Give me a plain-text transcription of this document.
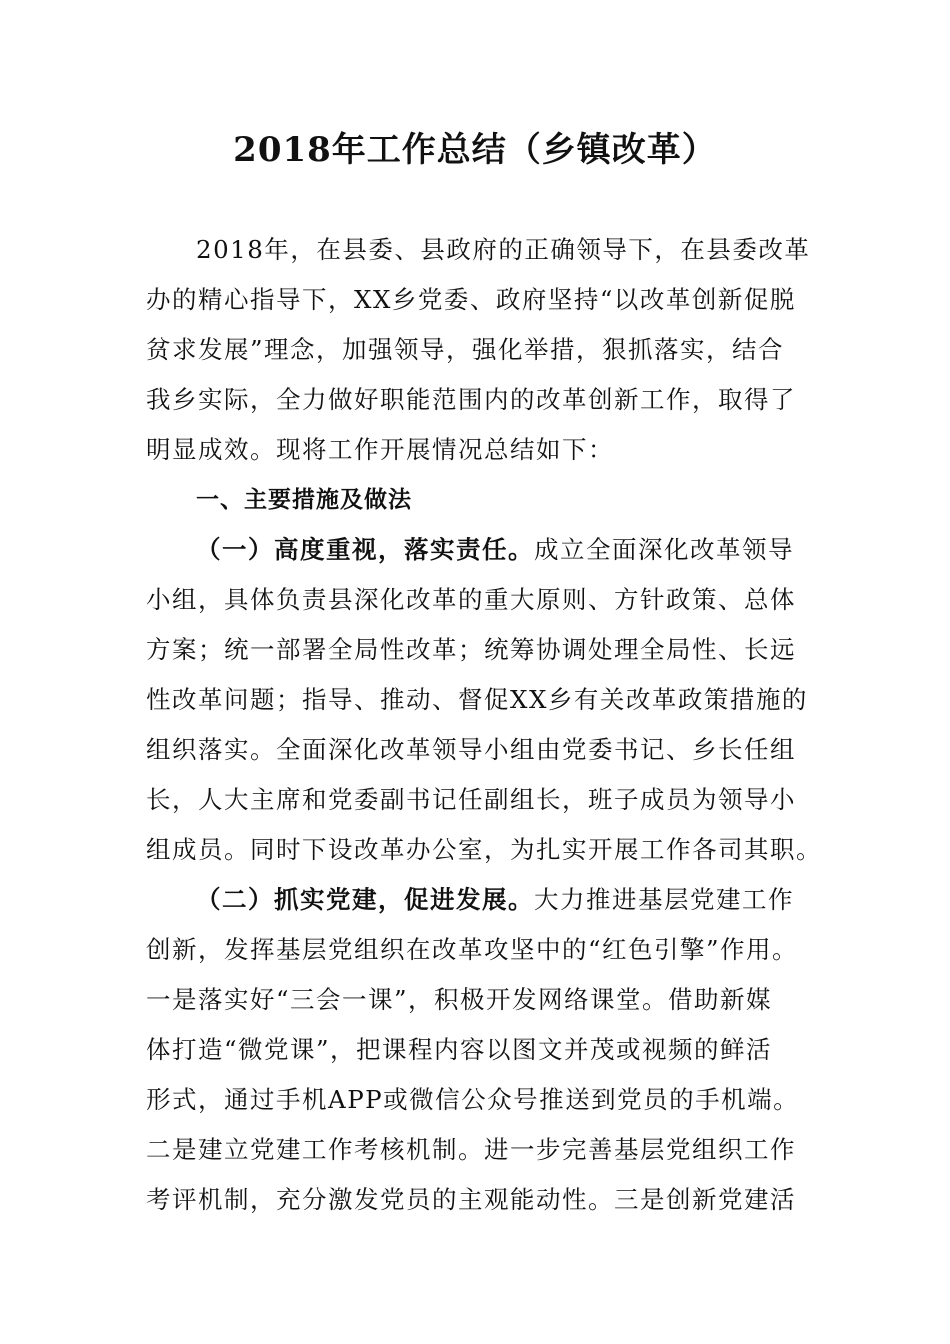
2018年工作总结（乡镇改革）
2018年，在县委、县政府的正确领导下，在县委改革
办的精心指导下，XX乡党委、政府坚持“以改革创新促脱
贫求发展”理念，加强领导，强化举措，狠抓落实，结合
我乡实际，全力做好职能范围内的改革创新工作，取得了
明显成效。现将工作开展情况总结如下：
一、主要措施及做法
（一）高度重视，落实责任。成立全面深化改革领导
小组，具体负责县深化改革的重大原则、方针政策、总体
方案；统一部署全局性改革；统筹协调处理全局性、长远
性改革问题；指导、推动、督促XX乡有关改革政策措施的
组织落实。全面深化改革领导小组由党委书记、乡长任组
长，人大主席和党委副书记任副组长，班子成员为领导小
组成员。同时下设改革办公室，为扎实开展工作各司其职。
（二）抓实党建，促进发展。大力推进基层党建工作
创新，发挥基层党组织在改革攻坚中的“红色引擎”作用。
一是落实好“三会一课”，积极开发网络课堂。借助新媒
体打造“微党课”，把课程内容以图文并茂或视频的鲜活
形式，通过手机APP或微信公众号推送到党员的手机端。
二是建立党建工作考核机制。进一步完善基层党组织工作
考评机制，充分激发党员的主观能动性。三是创新党建活
